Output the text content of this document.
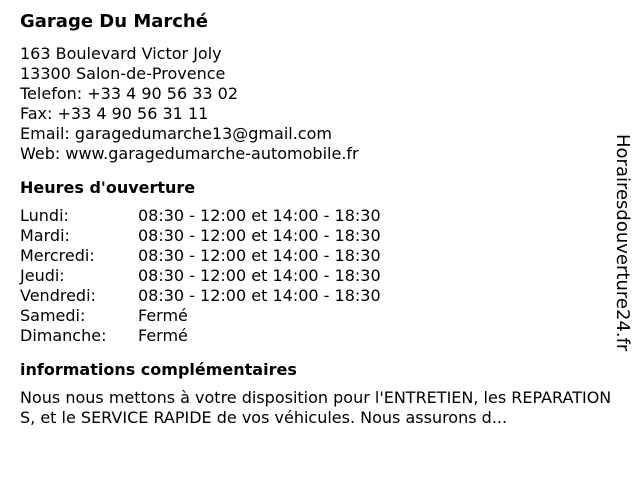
Garage Du Marché
163 Boulevard Victor Joly
13300 Salon-de-Provence
Telefon: +33 4 90 56 33 02
Fax: +33 4 90 56 31 11
Email: garagedumarche13@gmail.com
Web: www.garagedumarche-automobile.fr
Heures d'ouverture
Lundi:	08:30 - 12:00 et 14:00 - 18:30
Mardi:	08:30 - 12:00 et 14:00 - 18:30
Mercredi:	08:30 - 12:00 et 14:00 - 18:30
Jeudi:	08:30 - 12:00 et 14:00 - 18:30
Vendredi:	08:30 - 12:00 et 14:00 - 18:30
Samedi:	Fermé
Dimanche:	Fermé
informations complémentaires
Nous nous mettons à votre disposition pour l'ENTRETIEN, les REPARATIONS, et le SERVICE RAPIDE de vos véhicules. Nous assurons d...
Horairesdouverture24.fr
